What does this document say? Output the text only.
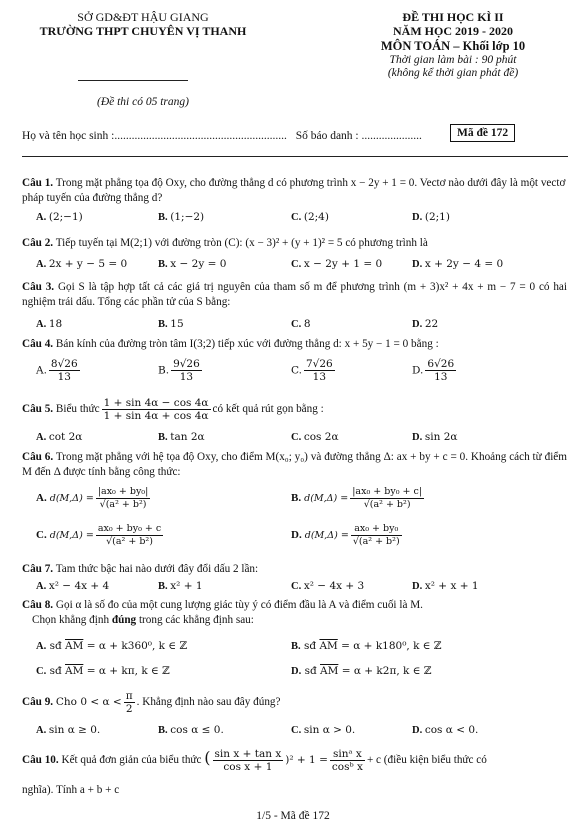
SỞ GD&ĐT HẬU GIANG
TRƯỜNG THPT CHUYÊN VỊ THANH
(Đề thi có 05 trang)
ĐỀ THI HỌC KÌ II
NĂM HỌC 2019 - 2020
MÔN TOÁN – Khối lớp 10
Thời gian làm bài : 90 phút
(không kể thời gian phát đề)
Họ và tên học sinh :............................................................ Số báo danh : .....................	Mã đề 172
Câu 1. Trong mặt phẳng tọa độ Oxy, cho đường thẳng d có phương trình x − 2y + 1 = 0. Vectơ nào dưới đây là một vectơ pháp tuyến của đường thẳng d?
A. (2;−1)	B. (1;−2)	C. (2;4)	D. (2;1)
Câu 2. Tiếp tuyến tại M(2;1) với đường tròn (C): (x − 3)² + (y + 1)² = 5 có phương trình là
A. 2x + y − 5 = 0	B. x − 2y = 0	C. x − 2y + 1 = 0	D. x + 2y − 4 = 0
Câu 3. Gọi S là tập hợp tất cả các giá trị nguyên của tham số m để phương trình (m + 3)x² + 4x + m − 7 = 0 có hai nghiệm trái dấu. Tổng các phần tử của S bằng:
A. 18	B. 15	C. 8	D. 22
Câu 4. Bán kính của đường tròn tâm I(3;2) tiếp xúc với đường thẳng d: x + 5y − 1 = 0 bằng :
A. $\frac{8√26}{13}$	B. $\frac{9√26}{13}$	C. $\frac{7√26}{13}$	D. $\frac{6√26}{13}$
Câu 5. Biểu thức $\frac{1 + \sin 4\alpha - \cos 4\alpha}{1 + \sin 4\alpha + \cos 4\alpha}$ có kết quả rút gọn bằng :
A. cot 2α	B. tan 2α	C. cos 2α	D. sin 2α
Câu 6. Trong mặt phẳng với hệ tọa độ Oxy, cho điểm M(x₀; y₀) và đường thẳng Δ: ax + by + c = 0. Khoảng cách từ điểm M đến Δ được tính bằng công thức:
A. $d(M,\Delta) = \frac{\text{|ax₀ + by₀|}}{\text{√(a² + b²)}}$	B. $d(M,\Delta) = \frac{\text{|ax₀ + by₀ + c|}}{\text{√(a² + b²)}}$
C. $d(M,\Delta) = \frac{\text{ax₀ + by₀ + c}}{\text{√(a² + b²)}}$	D. $d(M,\Delta) = \frac{\text{ax₀ + by₀}}{\text{√(a² + b²)}}$
Câu 7. Tam thức bậc hai nào dưới đây đổi dấu 2 lần:
A. x² − 4x + 4	B. x² + 1	C. x² − 4x + 3	D. x² + x + 1
Câu 8. Gọi α là số đo của một cung lượng giác tùy ý có điểm đầu là A và điểm cuối là M.
Chọn khẳng định đúng trong các khẳng định sau:
A. sđ $\overline{AM} = \alpha + k360^0$, k ∈ ℤ	B. sđ $\overline{AM} = \alpha + k180^0$, k ∈ ℤ
C. sđ $\overline{AM} = \alpha + k\pi$, k ∈ ℤ	D. sđ $\overline{AM} = \alpha + k2\pi$, k ∈ ℤ
Câu 9. Cho $0 < \alpha < \frac{\pi}{2}$ . Khẳng định nào sau đây đúng?
A. sin α ≥ 0.	B. cos α ≤ 0.	C. sin α > 0.	D. cos α < 0.
Câu 10. Kết quả đơn giản của biểu thức ( $\frac{\text{sin x + tan x}}{\text{cos x + 1}} )^2 + 1 = \frac{\text{sinᵃ x}}{\text{cosᵇ x}} + c$ (điều kiện biểu thức có
nghĩa). Tính a + b + c
1/5 - Mã đề 172
